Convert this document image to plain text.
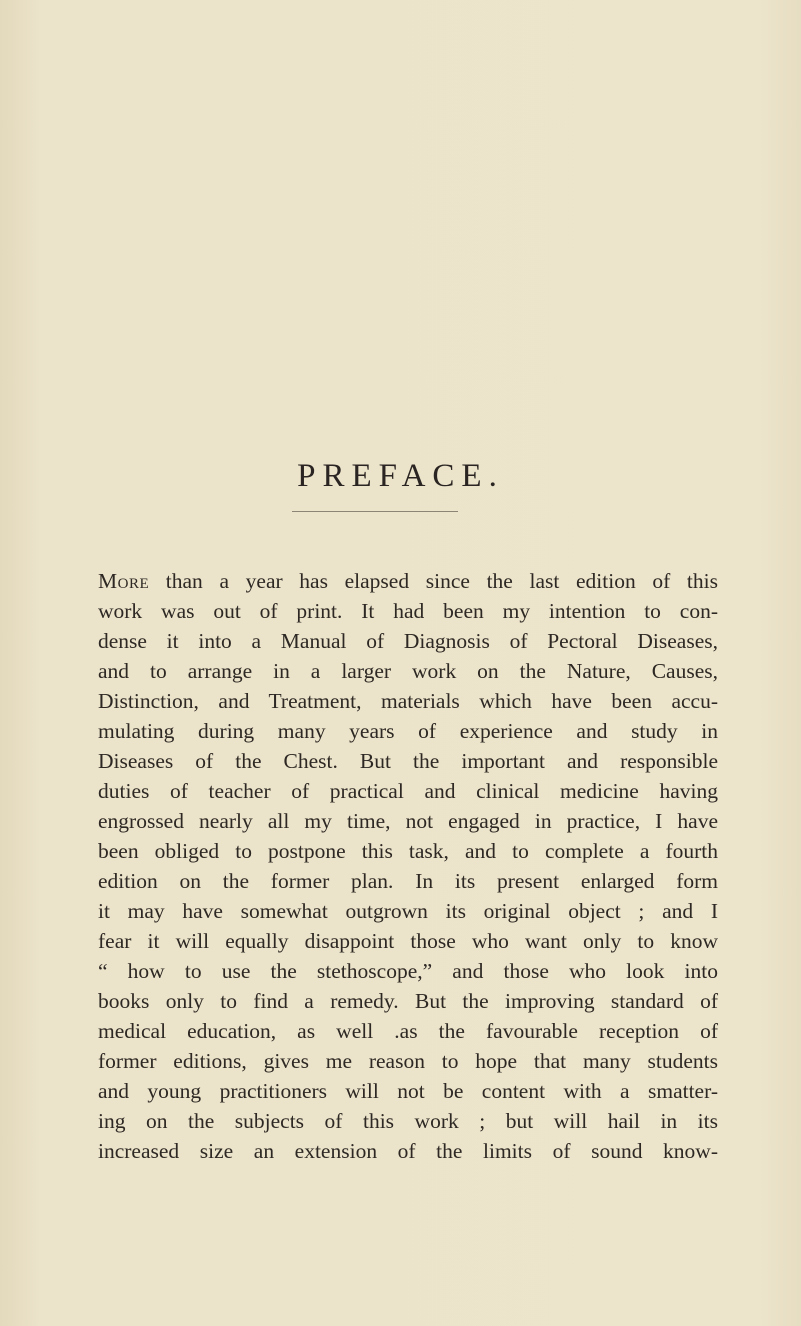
PREFACE.
More than a year has elapsed since the last edition of this
work was out of print. It had been my intention to con-
dense it into a Manual of Diagnosis of Pectoral Diseases,
and to arrange in a larger work on the Nature, Causes,
Distinction, and Treatment, materials which have been accu-
mulating during many years of experience and study in
Diseases of the Chest. But the important and responsible
duties of teacher of practical and clinical medicine having
engrossed nearly all my time, not engaged in practice, I have
been obliged to postpone this task, and to complete a fourth
edition on the former plan. In its present enlarged form
it may have somewhat outgrown its original object ; and I
fear it will equally disappoint those who want only to know
“ how to use the stethoscope,” and those who look into
books only to find a remedy. But the improving standard of
medical education, as well .as the favourable reception of
former editions, gives me reason to hope that many students
and young practitioners will not be content with a smatter-
ing on the subjects of this work ; but will hail in its
increased size an extension of the limits of sound know-
